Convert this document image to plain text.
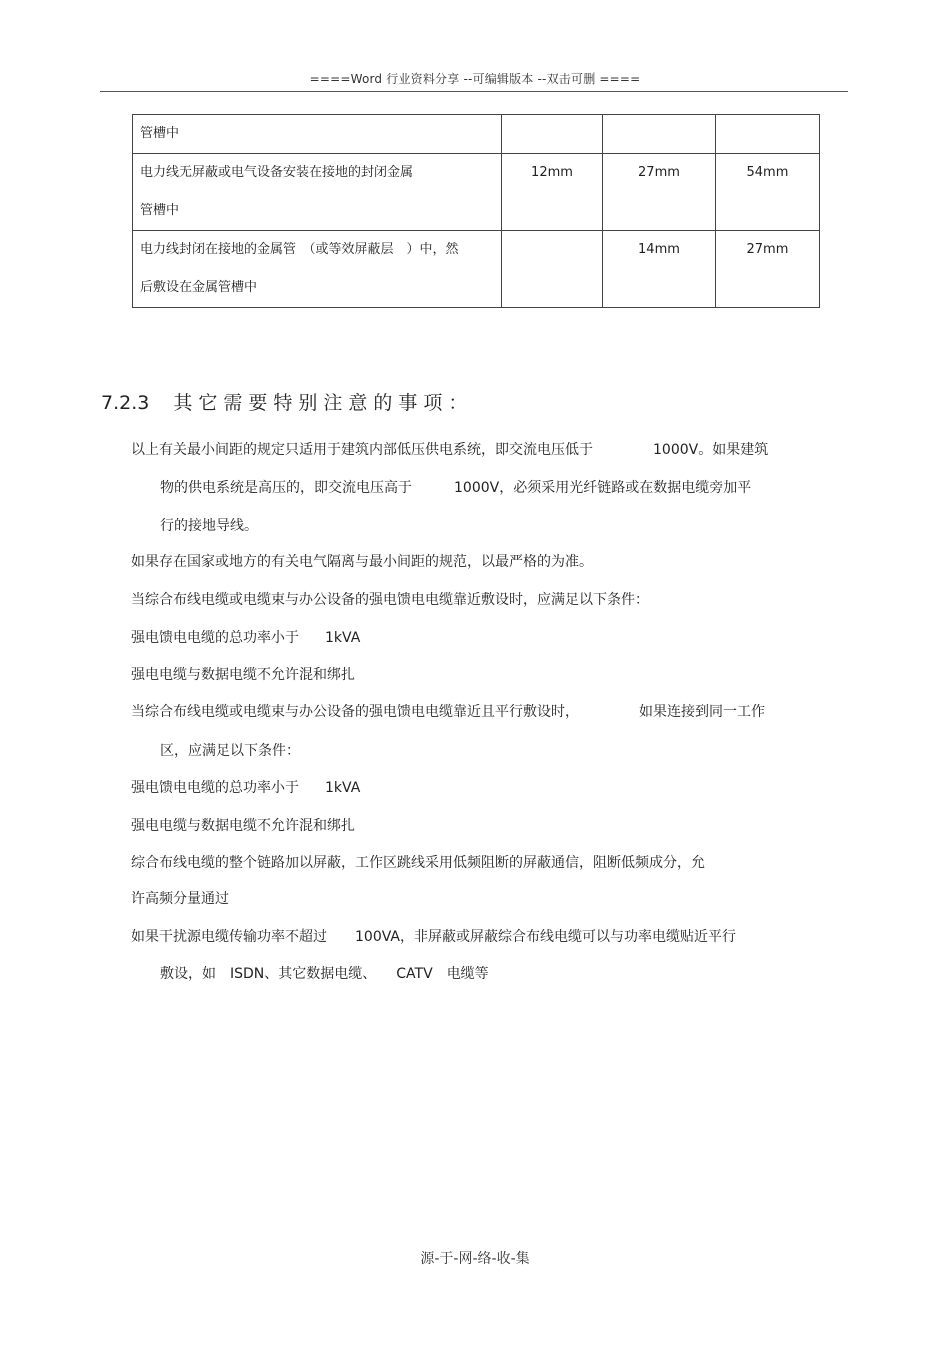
====Word 行业资料分享 --可编辑版本 --双击可删 ====
管槽中			

电力线无屏蔽或电气设备安装在接地的封闭金属
管槽中	12mm	27mm	54mm

电力线封闭在接地的金属管　（或等效屏蔽层　）中，然
后敷设在金属管槽中		14mm	27mm
7.2.3 其它需要特别注意的事项：
以上有关最小间距的规定只适用于建筑内部低压供电系统，即交流电压低于	1000V。如果建筑
物的供电系统是高压的，即交流电压高于	1000V，必须采用光纤链路或在数据电缆旁加平
行的接地导线。
如果存在国家或地方的有关电气隔离与最小间距的规范，以最严格的为准。
当综合布线电缆或电缆束与办公设备的强电馈电电缆靠近敷设时，应满足以下条件：
强电馈电电缆的总功率小于 1kVA
强电电缆与数据电缆不允许混和绑扎
当综合布线电缆或电缆束与办公设备的强电馈电电缆靠近且平行敷设时，	如果连接到同一工作
区，应满足以下条件：
强电馈电电缆的总功率小于 1kVA
强电电缆与数据电缆不允许混和绑扎
综合布线电缆的整个链路加以屏蔽，工作区跳线采用低频阻断的屏蔽通信，阻断低频成分，允
许高频分量通过
如果干扰源电缆传输功率不超过 100VA，非屏蔽或屏蔽综合布线电缆可以与功率电缆贴近平行
敷设，如 ISDN、其它数据电缆、 CATV 电缆等
源-于-网-络-收-集
